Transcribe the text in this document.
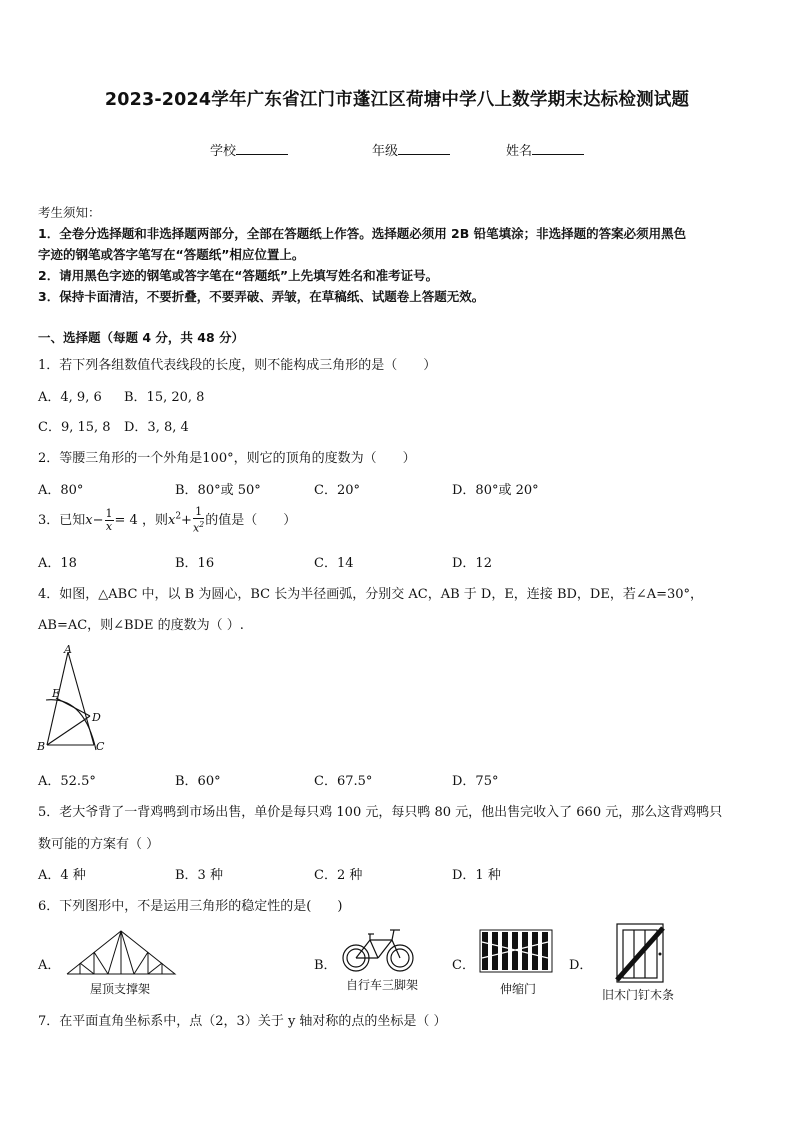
2023-2024学年广东省江门市蓬江区荷塘中学八上数学期末达标检测试题
学校	年级	姓名
考生须知：
1．全卷分选择题和非选择题两部分，全部在答题纸上作答。选择题必须用 2B 铅笔填涂；非选择题的答案必须用黑色
字迹的钢笔或答字笔写在“答题纸”相应位置上。
2．请用黑色字迹的钢笔或答字笔在“答题纸”上先填写姓名和准考证号。
3．保持卡面清洁，不要折叠，不要弄破、弄皱，在草稿纸、试题卷上答题无效。
一、选择题（每题 4 分，共 48 分）
1．若下列各组数值代表线段的长度，则不能构成三角形的是（　　）
A．4, 9, 6 B．15, 20, 8
C．9, 15, 8 D．3, 8, 4
2．等腰三角形的一个外角是100°，则它的顶角的度数为（　　）
A．80°	B．80°或 50°	C．20°	D．80°或 20°
3．已知$x- \frac{1}{x} = 4$ ，则$x^2+ \frac{1}{x^2}$ 的值是（　　）
A．18	B．16	C．14	D．12
4．如图，△ABC 中，以 B 为圆心，BC 长为半径画弧，分别交 AC，AB 于 D，E，连接 BD，DE，若∠A=30°，
AB=AC，则∠BDE 的度数为（ ）.
A
E
D
B	C
A．52.5°	B．60°	C．67.5°	D．75°
5．老大爷背了一背鸡鸭到市场出售，单价是每只鸡 100 元，每只鸭 80 元，他出售完收入了 660 元，那么这背鸡鸭只
数可能的方案有（ ）
A．4 种	B．3 种	C．2 种	D．1 种
6．下列图形中，不是运用三角形的稳定性的是(　　)
A．
屋顶支撑架
B．
自行车三脚架
C．
伸缩门
D．
旧木门钉木条
7．在平面直角坐标系中，点（2，3）关于 y 轴对称的点的坐标是（ ）
